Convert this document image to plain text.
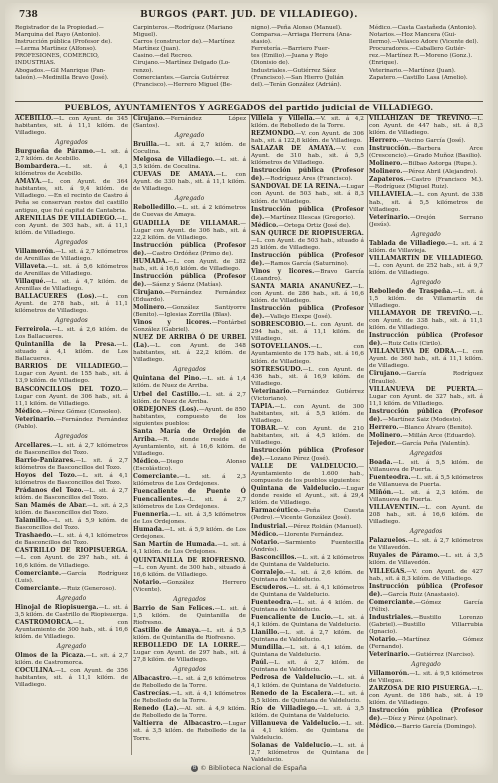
738	BURGOS (PART. JUD. DE VILLADIEGO).
Registrador de la Propiedad.—
Marquina del Rayo (Antonio).
Instrucción pública (Profesor de).
—Lerma Martínez (Alfonso).
PROFESIONES, COMERCIO,
INDUSTRIAS.
Abogados.—Gil Manrique (Pan-
taleón).—Medinilla Bravo (José).
Carpinteros.—Rodríguez (Mariano
Miguel).
Carros (constructor de).—Martínez
Martínez (Juan).
Casino.—del Recreo.
Cirujano.—Martínez Delgado (Lo-
renzo).
Comerciantes.—García Gutiérrez
(Francisco).—Herrero Miguel (Be-
nigno).—Peña Alonso (Manuel).
Comparsa.—Arriaga Herrera (Ana-
stasio).
Ferretería.—Barriero Fuer-
tes (Emilio).—Juana y Rojo
(Dionisio de).
Industriales.—Gutiérrez Sáez
(Francisco).—San Hierro (Julián
del).—Terán González (Adrián).
Médico.—Casta Castañeda (Antonio).
Notarios.—Hoz Mancera (Gui-
llermo).—Velasco Adore (Vicente del).
Procuradores.—Caballero Gutiér-
rez.—Martínez R.—Moreno (Gonz.).
(Enrique).
Veterinario.—Martínez (Juan).
Zapatero.—Castillo Lasa (Amelio).
PUEBLOS, AYUNTAMIENTOS Y AGREGADOS del partido judicial de VILLADIEGO.

ACEBILLO.—L. con Ayunt. de 345 habitantes, sit. á 11,1 kilóm. de Villadiego.

Agregados

Burgueña de Páramo.—L. sit. á 2,7 kilóm. de Acebillo.

Bombardera.—L. sit. á 4,1 kilómetros de Acebillo.

AMAYA.—L. con Ayunt. de 364 habitantes, sit. á 9,4 kilóm. de Villadiego. —En el recinto de Castro á Peña se conservan restos del castillo antiguo, que fué capital de Cantabria.

ARENILLAS DE VILLADIEGO.—L. con Ayunt. de 303 hab., sit. á 11,1 kilóm. de Villadiego.

Agregados

Villamorón.—L. sit. á 2,7 kilómetros de Arenillas de Villadiego.

Villaveta.—L. sit. á 5,6 kilómetros de Arenillas de Villadiego.

Villaqué.—L. sit. á 4,7 kilóm. de Arenillas de Villadiego.

BALLACUERES (Los).—L. con Ayunt. de 278 hab., sit. á 11,1 kilómetros de Villadiego.

Agregados

Ferreirola.—L. sit. á 2,6 kilóm. de Los Ballacueres.

Quintanilla de la Presa.—L. situado á 4,1 kilóm. de Los Ballacueres.

BARRIOS DE VILLADIEGO.—Lugar con Ayunt. de 155 hab., sit. á 13,9 kilóm. de Villadiego.

BASCONCILLOS DEL TOZO.—Lugar con Ayunt. de 306 hab., sit. á 11,1 kilóm. de Villadiego.

Médico.—Pérez Gómez (Consoleo).

Veterinario.—Fernández Fernández (Pablo).

Agregados

Arcellares.—L. sit. á 2,7 kilómetros de Basconcillos del Tozo.

Barrio-Panizares.—L. sit. á 2,7 kilómetros de Basconcillos del Tozo.

Hoyos del Tozo.—L. sit. á 4,1 kilómetros de Basconcillos del Tozo.

Prádanos del Tozo.—L. sit. á 2,7 kilóm. de Basconcillos del Tozo.

San Mamés de Abar.—L. sit. á 2,3 kilóm. de Basconcillos del Tozo.

Talamillo.—L. sit. á 5,9 kilóm. de Basconcillos del Tozo.

Trashaedo.—L. sit. á 4,1 kilómetros de Basconcillos del Tozo.

CASTRILLO DE RIOPISUERGA.—L. con Ayunt. de 297 hab., sit. á 16,6 kilóm. de Villadiego.

Comerciante.—García Rodríguez (Luis).

Comerciante.—Ruiz (Generoso).

Agregado

Hinojal de Riopisuerga.—L. sit. á 3,5 kilóm. de Castrillo de Riopisuerga.

CASTROMORCA.—L. con Ayuntamiento de 300 hab., sit. á 16,6 kilóm. de Villadiego.

Agregado

Olmos de la Picaza.—L. sit. á 2,7 kilóm. de Castromorca.

COCULINA.—L. con Ayunt. de 356 habitantes, sit. á 11,1 kilóm. de Villadiego.

Cirujano.—Fernández López (Santos).

Agregado

Bruilla.—L. sit. á 2,7 kilóm. de Coculina.

Melgosa de Villadiego.—L. sit. á 3,5 kilóm. de Coculina.

CUEVAS DE AMAYA.—L. con Ayunt. de 330 hab., sit. á 11,1 kilóm. de Villadiego.

Agregado

Rebolledillo.—L. sit. á 2 kilómetros de Cuevas de Amaya.

GUADILLA DE VILLAMAR.—Lugar con Ayunt. de 306 hab., sit. á 22,2 kilóm. de Villadiego.

Instrucción pública (Profesor de).—Castro Ordóñez (Primo de).

HUMADA.—L. con Ayunt. de 382 hab., sit. á 16,6 kilóm. de Villadiego.

Instrucción pública (Profesor de).—Sáenz y Sáenz (Matías).

Cirujano.—Fernández Fernández (Eduardo).

Molinero.—González Santiyorre (Benito).—Iglesias Zorrilla (Blas).

Vinos y licores.—Fontárbel González (Gabriel).

NUEZ DE ARRIBA Ó DE URBEL (La).—L. con Ayunt. de 348 habitantes, sit. á 22,2 kilóm. de Villadiego.

Agregados

Quintana del Pino.—L. sit. á 1,4 kilóm. de Nuez de Arriba.

Urbel del Castillo.—L. sit. á 2,7 kilóm. de Nuez de Arriba.

ORDEJONES (Los).—Ayunt. de 850 habitantes, compuesto de los siguientes pueblos:

Santa María de Ordejón de Arriba.—R. donde reside el Ayuntamiento, sit. á 16,6 kilóm. de Villadiego.

Médico.—Diego Alonso (Escolástico).

Comerciante.—L. sit. á 2,3 kilómetros de Los Ordejones.

Fuencaliente de Puente Ó Fuencalientes.—L. sit. á 2,7 kilómetros de Los Ordejones.

Fuenneria.—L. sit. á 3,5 kilómetros de Los Ordejones.

Humada.—L. sit. á 5,9 kilóm. de Los Ordejones.

San Martín de Humada.—L. sit. á 4,1 kilóm. de Los Ordejones.

QUINTANILLA DE RIOFRESNO.—L. con Ayunt. de 300 hab., situado á 16,6 kilóm. de Villadiego.

Notario.—González Herrero (Vicente).

Agregados

Barrio de San Felices.—L. sit. á 1,5 kilóm. de Quintanilla de Riofresno.

Castillo de Amaya.—L. sit. á 5,5 kilóm. de Quintanilla de Riofresno.

REBOLLEDO DE LA LORRE.—Lugar con Ayunt. de 297 hab., sit. á 27,8 kilóm. de Villadiego.

Agregados

Albacastro.—L. sit. á 2,6 kilómetros de Rebolledo de la Torre.

Castrecías.—L. sit. á 4,1 kilómetros de Rebolledo de la Torre.

Renedo (La).—Al. sit. á 4,9 kilóm. de Rebolledo de la Torre.

Valtierra de Albacastro.—Lugar sit. á 3,5 kilóm. de Rebolledo de la Torre.

Villela y Villella.—V. sit. á 4,2 kilóm. de Rebolledo de la Torre.

REZMONDO.—V. con Ayunt. de 306 hab., sit. á 122,8 kilóm. de Villadiego.

SALAZAR DE AMAYA.—V. con Ayunt. de 310 hab., sit. á 5,5 kilómetros de Villadiego.

Instrucción pública (Profesor de).—Rodríguez Ares (Francisco).

SANDOVAL DE LA REINA.—Lugar con Ayunt. de 503 hab., sit. á 8,3 kilóm. de Villadiego.

Instrucción pública (Profesor de).—Martínez Illescas (Gregorio).

Médico.—Ortega Ortiz (José de).

SAN QUIRCE DE RIOPISUERGA.—L. con Ayunt. de 503 hab., situado á 25 kilóm. de Villadiego.

Instrucción pública (Profesor de).—Ramos García (Saturnino).

Vinos y licores.—Bravo García (Leandro).

SANTA MARIA ANANUÑEZ.—L. con Ayunt. de 286 hab., sit. á 16,6 kilóm. de Villadiego.

Instrucción pública (Profesor de).—Vallejo Elexpe (José).

SOBRESCOBIO.—L. con Ayunt. de 294 hab., sit. á 11,1 kilóm. de Villadiego.

SOTOVELLANOS.—L. con Ayuntamiento de 175 hab., sit. á 16,6 kilóm. de Villadiego.

SOTRESGUDO.—L. con Ayunt. de 436 hab., sit. á 16,9 kilóm. de Villadiego.

Veterinario.—Fernández Gutiérrez (Victoriano).

TAPIA.—L. con Ayunt. de 300 habitantes, sit. á 5,5 kilóm. de Villadiego.

TOBAR.—V. con Ayunt. de 210 habitantes, sit. á 4,5 kilóm. de Villadiego.

Instrucción pública (Profesor de).—Lozano Pérez (José).

VALLE DE VALDELUCIO.—Ayuntamiento de 1.600 hab., compuesto de los pueblos siguientes:

Quintana de Valdelucio.—Lugar donde reside el Ayunt., sit. á 29,4 kilóm. de Villadiego.

Farmacéutico.—Peña Cuesta (Pedro).—Vicente González (José).

Industrial.—Pérez Roldán (Manuel).

Médico.—Llorente Fernández.

Notario.—Sarmiento Fuentecilla (Andrés).

Basconcillos.—L. sit. á 2 kilómetros de Quintana de Valdelucio.

Corralejo.—L. sit. á 2,6 kilóm. de Quintana de Valdelucio.

Escuderos.—L. sit. á 4,1 kilómetros de Quintana de Valdelucio.

Fuenteodra.—L. sit. á 4 kilóm. de Quintana de Valdelucio.

Fuencaliente de Lucio.—L. sit. á 4,1 kilóm. de Quintana de Valdelucio.

Llanillo.—L. sit. á 2,7 kilóm. de Quintana de Valdelucio.

Mundilla.—L. sit. á 4,1 kilóm. de Quintana de Valdelucio.

Paúl.—L. sit. á 2,7 kilóm. de Quintana de Valdelucio.

Pedrosa de Valdelucio.—L. sit. á 4,1 kilóm. de Quintana de Valdelucio.

Renedo de la Escalera.—L. sit. á 5,5 kilóm. de Quintana de Valdelucio.

Río de Villadiego.—L. sit. á 3,5 kilóm. de Quintana de Valdelucio.

Villanueva de Valdelucio.—L. sit. á 4,1 kilóm. de Quintana de Valdelucio.

Solanas de Valdelucio.—L. sit. á 2,7 kilómetros de Quintana de Valdelucio.

VILLAHIZAN DE TREVIÑO.—L. con Ayunt. de 447 hab., sit. á 8,3 kilóm. de Villadiego.

Herrero.—Vecino García (José).

Instrucción.—Barbera Arce (Crescencio).—Grado Muñoz (Basilio).

Molinero.—Bilbao Astorga (Rupe.).

Molinero.—Pérez Abril (Alejandro).

Zapateros.—Castro (Francisco M.).—Rodríguez (Miguel Ruiz).

VILLAVIELA.—L. con Ayunt. de 338 hab., sit. á 5,5 kilómetros de Villadiego.

Veterinario.—Orejón Serrano (Jesús).

Agregado

Tablada de Villadiego.—L. sit. á 2 kilóm. de Villavieja.

VILLAMARTIN DE VILLADIEGO.—L. con Ayunt. de 252 hab., sit. á 9,7 kilóm. de Villadiego.

Agregado

Rebolledo de Traspeña.—L. sit. á 1,5 kilóm. de Villamartín de Villadiego.

VILLAMAYOR DE TREVIÑO.—L. con Ayunt. de 338 hab., sit. á 11,1 kilóm. de Villadiego.

Instrucción pública (Profesor de).—Ruiz Celis (Cirilo).

VILLANUEVA DE ODRA.—L. con Ayunt. de 360 hab., sit. á 11,1 kilóm. de Villadiego.

Cirujano.—García Rodríguez (Braulio).

VILLANUEVA DE PUERTA.—Lugar con Ayunt. de 327 hab., sit. á 11,1 kilóm. de Villadiego.

Instrucción pública (Profesor de).—Martínez Saiz (Modesto).

Herrero.—Blanco Álvaro (Benito).

Molinero.—Millán Arce (Eduardo).

Tejedor.—García Peña (Valentín).

Agregados

Boada.—L. sit. á 5,5 kilóm. de Villanueva de Puerta.

Fuenteodra.—L. sit. á 5,5 kilómetros de Villanueva de Puerta.

Miñón.—L. sit. á 2,3 kilóm. de Villanueva de Puerta.

VILLAVENTIN.—L. con Ayunt. de 208 hab., sit. á 16,6 kilóm. de Villadiego.

Agregados

Palazuelos.—L. sit. á 2,7 kilómetros de Villavedón.

Ruyales de Páramo.—L. sit. á 3,5 kilóm. de Villavedón.

VILLEGAS.—V. con Ayunt. de 427 hab., sit. á 8,3 kilóm. de Villadiego.

Instrucción pública (Profesor de).—García Ruiz (Anastasio).

Comerciante.—Gómez García (Félix).

Industriales.—Bustillo Lorenzo (Gabriel).—Bustillo Villarrubia (Ignacio).

Notario.—Martínez Gómez (Fernando).

Veterinario.—Gutiérrez (Narciso).

Agregado

Villamorón.—L. sit. á 9,5 kilómetros de Villegas.

ZARZOSA DE RIO PISUERGA.—L. con Ayunt. de 186 hab., sit. á 19 kilóm. de Villadiego.

Instrucción pública (Profesor de).—Díez y Pérez (Apolinar).

Médico.—Barrio García (Domingo).

B © Biblioteca Nacional de España
